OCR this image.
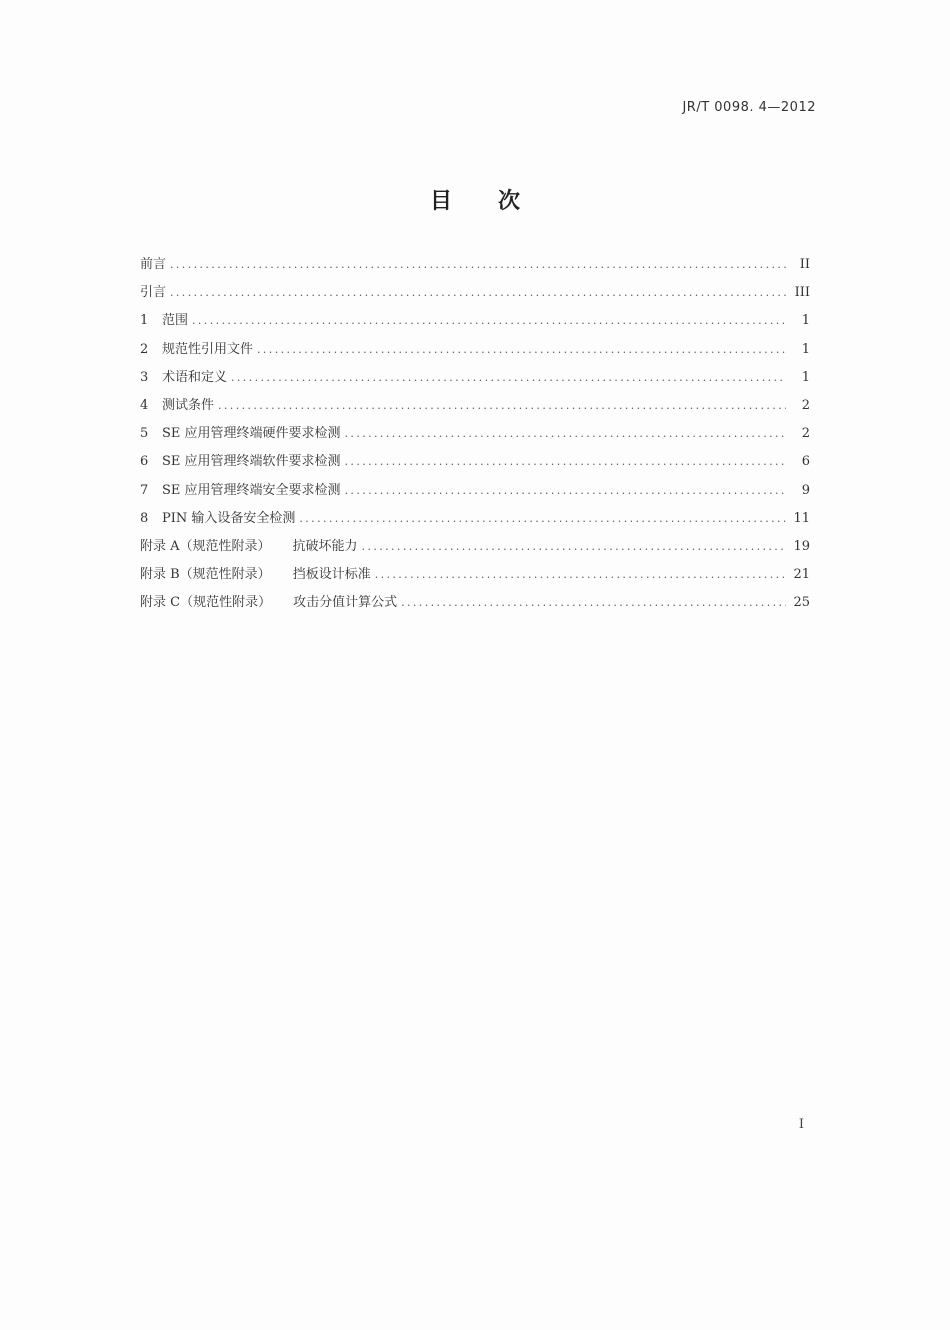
JR/T 0098. 4—2012
目次
前言 .....	II
引言 .....	III
1	范围 .....	1
2	规范性引用文件 .....	1
3	术语和定义 .....	1
4	测试条件 .....	2
5	SE 应用管理终端硬件要求检测 .....	2
6	SE 应用管理终端软件要求检测 .....	6
7	SE 应用管理终端安全要求检测 .....	9
8	PIN 输入设备安全检测 .....	11
附录 A（规范性附录） 抗破坏能力 .....	19
附录 B（规范性附录） 挡板设计标准 .....	21
附录 C（规范性附录） 攻击分值计算公式 .....	25
I
